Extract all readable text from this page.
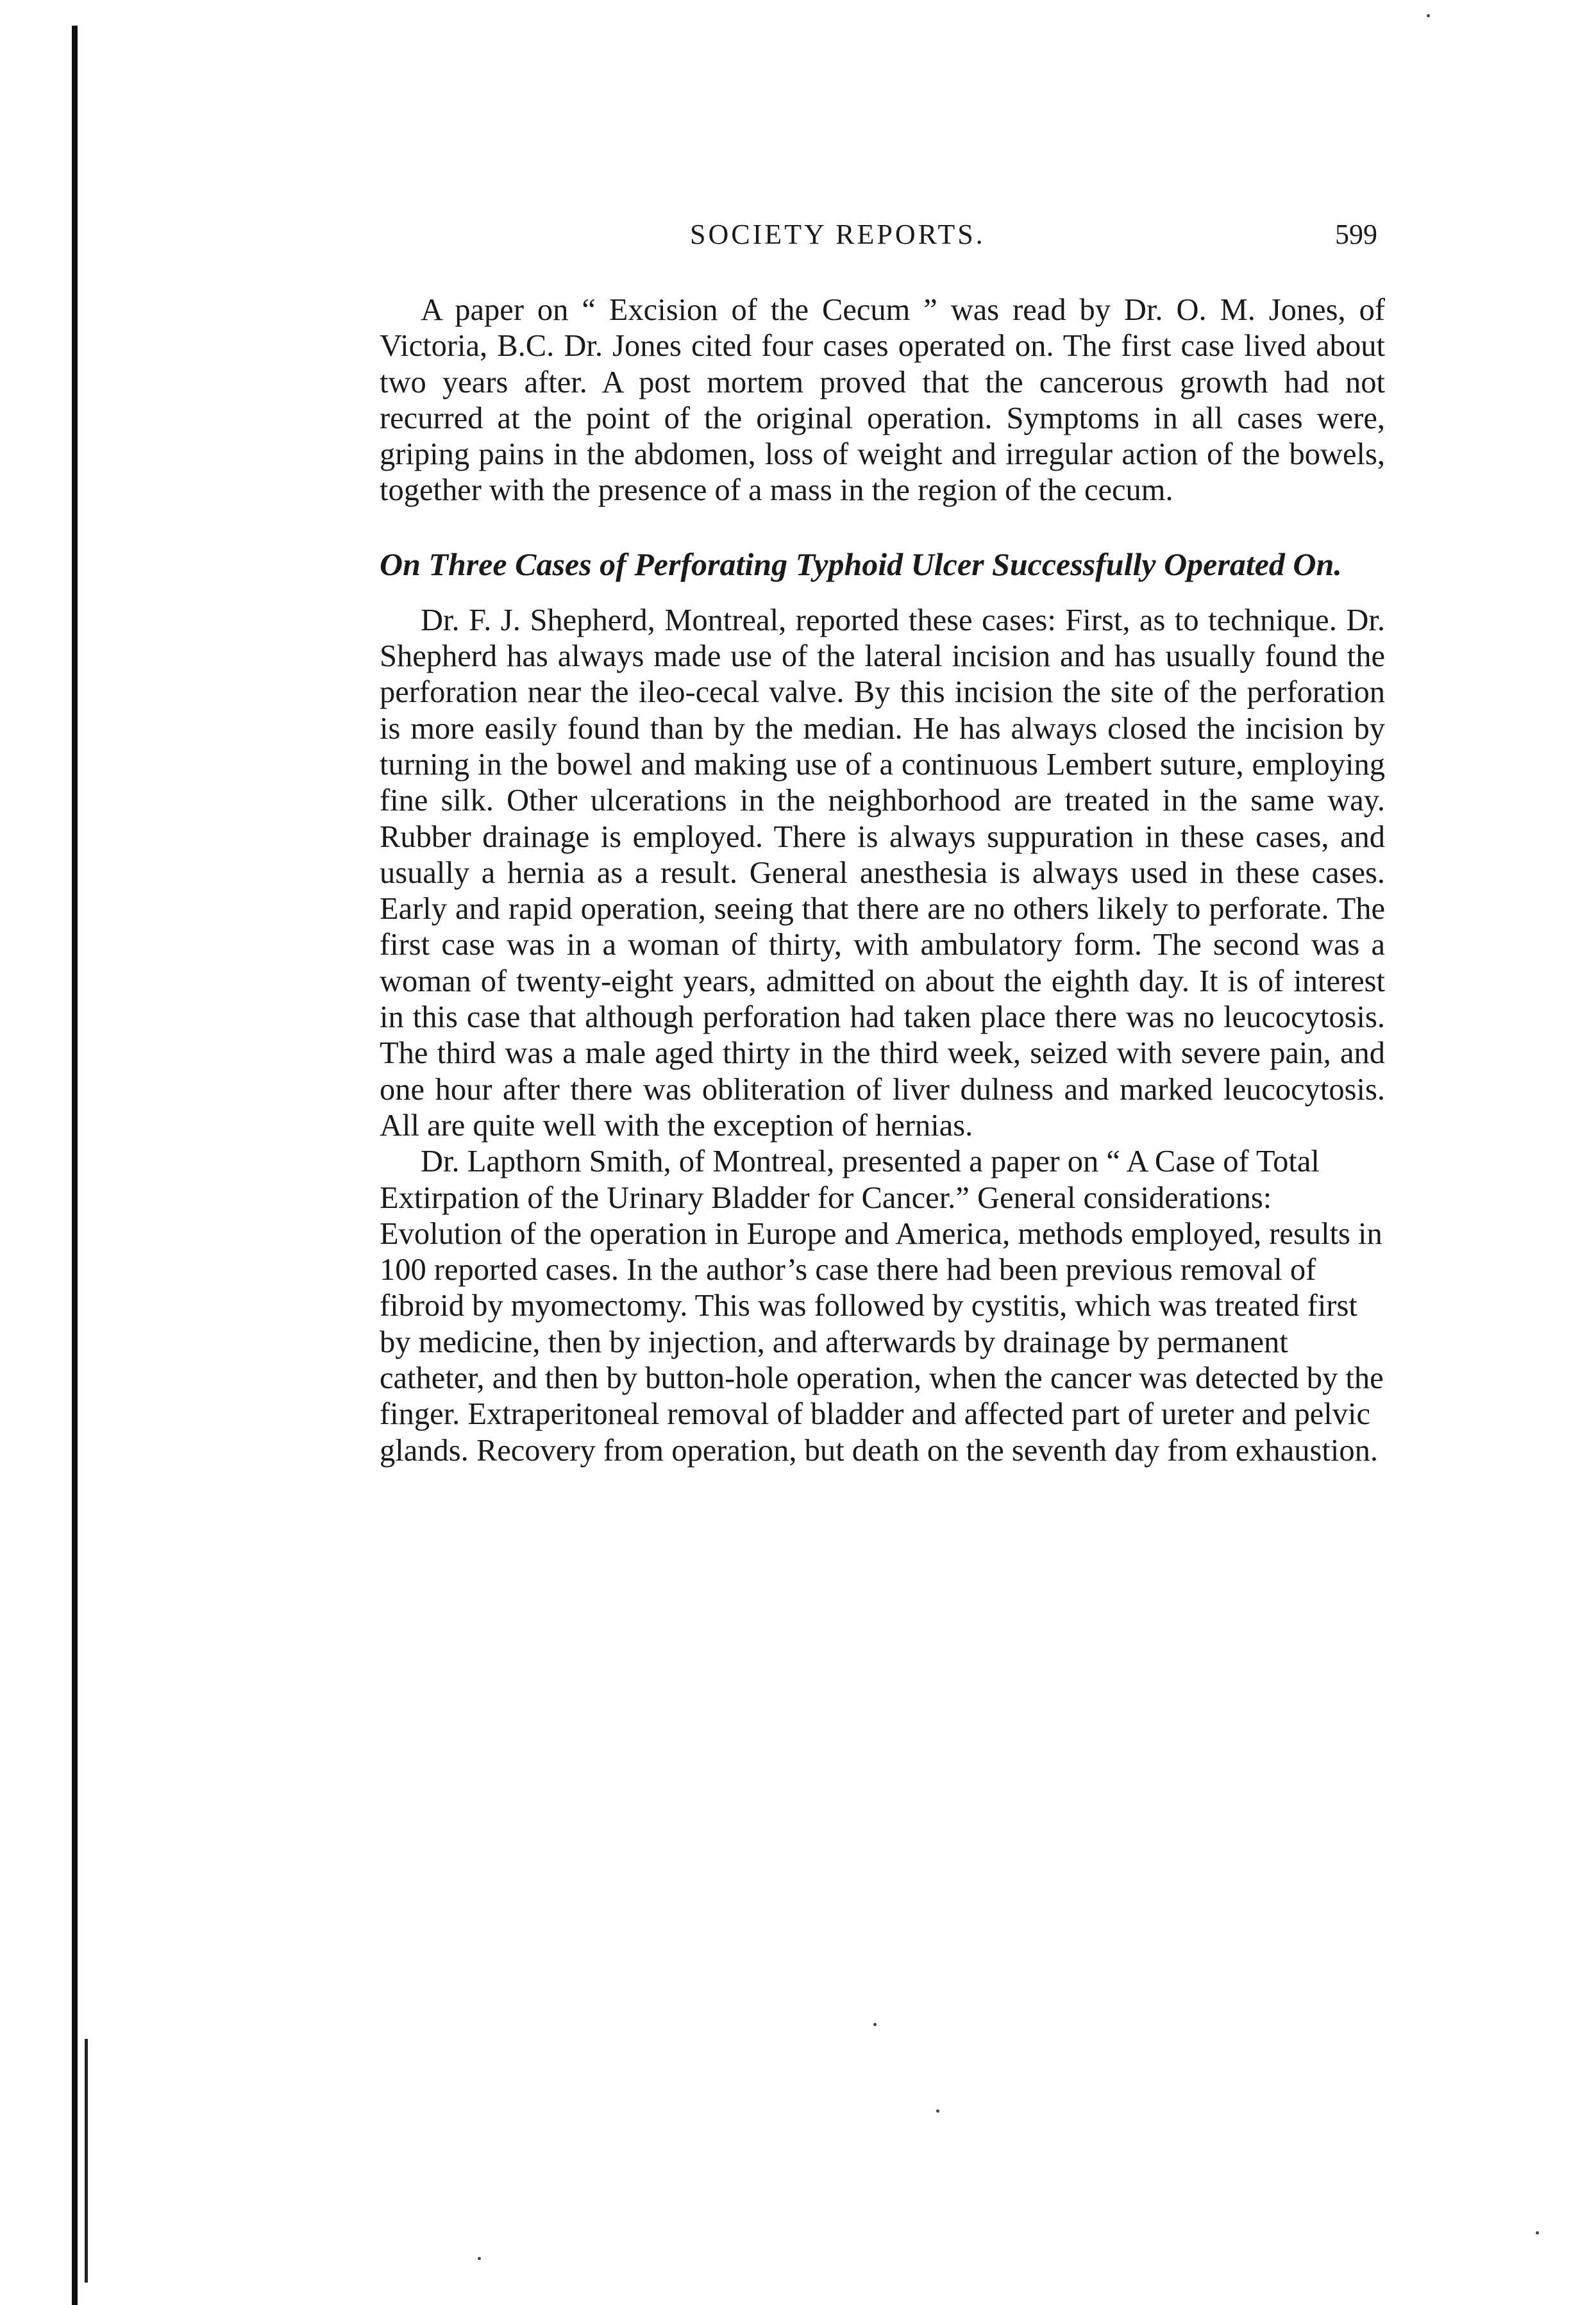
SOCIETY REPORTS.	599

A paper on “ Excision of the Cecum ” was read by Dr. O. M. Jones, of Victoria, B.C. Dr. Jones cited four cases operated on. The first case lived about two years after. A post mortem proved that the cancerous growth had not recurred at the point of the original operation. Symptoms in all cases were, griping pains in the abdomen, loss of weight and irregular action of the bowels, together with the presence of a mass in the region of the cecum.

On Three Cases of Perforating Typhoid Ulcer Successfully Operated On.

Dr. F. J. Shepherd, Montreal, reported these cases: First, as to technique. Dr. Shepherd has always made use of the lateral incision and has usually found the perforation near the ileo-cecal valve. By this incision the site of the perforation is more easily found than by the median. He has always closed the incision by turning in the bowel and making use of a continuous Lembert suture, employing fine silk. Other ulcerations in the neighborhood are treated in the same way. Rubber drainage is employed. There is always suppuration in these cases, and usually a hernia as a result. General anesthesia is always used in these cases. Early and rapid operation, seeing that there are no others likely to perforate. The first case was in a woman of thirty, with ambulatory form. The second was a woman of twenty-eight years, admitted on about the eighth day. It is of interest in this case that although perforation had taken place there was no leucocytosis. The third was a male aged thirty in the third week, seized with severe pain, and one hour after there was obliteration of liver dulness and marked leucocytosis. All are quite well with the exception of hernias.

Dr. Lapthorn Smith, of Montreal, presented a paper on “ A Case of Total Extirpation of the Urinary Bladder for Cancer.” General considerations: Evolution of the operation in Europe and America, methods employed, results in 100 reported cases. In the author’s case there had been previous removal of fibroid by myomectomy. This was followed by cystitis, which was treated first by medicine, then by injection, and afterwards by drainage by permanent catheter, and then by button-hole operation, when the cancer was detected by the finger. Extraperitoneal removal of bladder and affected part of ureter and pelvic glands. Recovery from operation, but death on the seventh day from exhaustion.
